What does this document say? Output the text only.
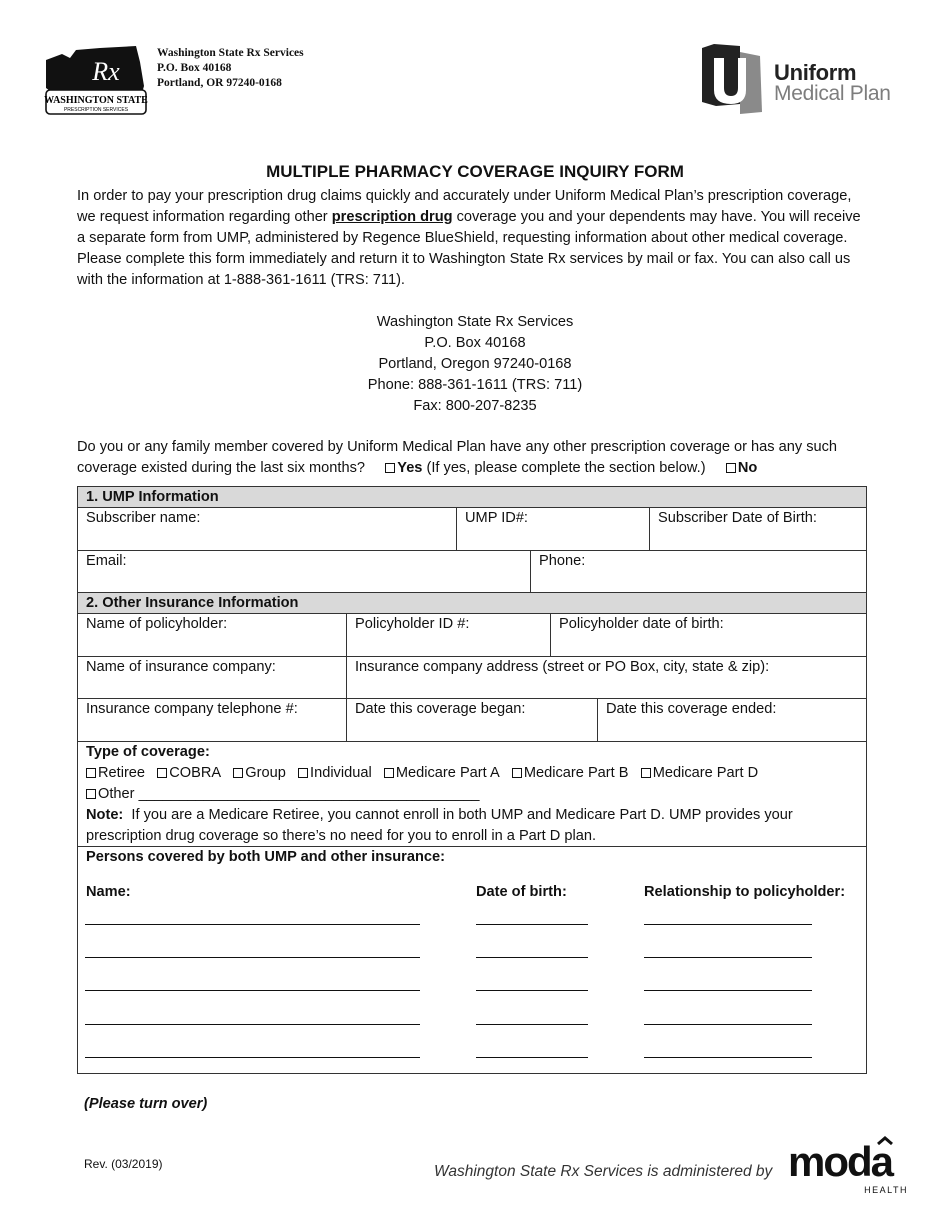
Rx
WASHINGTON STATE
PRESCRIPTION SERVICES
Washington State Rx Services
P.O. Box 40168
Portland, OR 97240-0168	Uniform
Medical Plan
MULTIPLE PHARMACY COVERAGE INQUIRY FORM
In order to pay your prescription drug claims quickly and accurately under Uniform Medical Plan’s prescription coverage, we request information regarding other prescription drug coverage you and your dependents may have. You will receive a separate form from UMP, administered by Regence BlueShield, requesting information about other medical coverage. Please complete this form immediately and return it to Washington State Rx services by mail or fax. You can also call us with the information at 1-888-361-1611 (TRS: 711).
Washington State Rx Services
P.O. Box 40168
Portland, Oregon 97240-0168
Phone: 888-361-1611 (TRS: 711)
Fax: 800-207-8235
Do you or any family member covered by Uniform Medical Plan have any other prescription coverage or has any such coverage existed during the last six months? Yes (If yes, please complete the section below.) No
1. UMP Information
Subscriber name:	UMP ID#:	Subscriber Date of Birth:
Email:	Phone:
2. Other Insurance Information
Name of policyholder:	Policyholder ID #:	Policyholder date of birth:
Name of insurance company:	Insurance company address (street or PO Box, city, state & zip):
Insurance company telephone #:	Date this coverage began:	Date this coverage ended:
Type of coverage:
Retiree COBRA Group Individual Medicare Part A Medicare Part B Medicare Part D
Other __________________________________________
Note: If you are a Medicare Retiree, you cannot enroll in both UMP and Medicare Part D. UMP provides your prescription drug coverage so there’s no need for you to enroll in a Part D plan.
Persons covered by both UMP and other insurance:
Name:	Date of birth:	Relationship to policyholder:
(Please turn over)
Rev. (03/2019)	Washington State Rx Services is administered by moda
HEALTH
